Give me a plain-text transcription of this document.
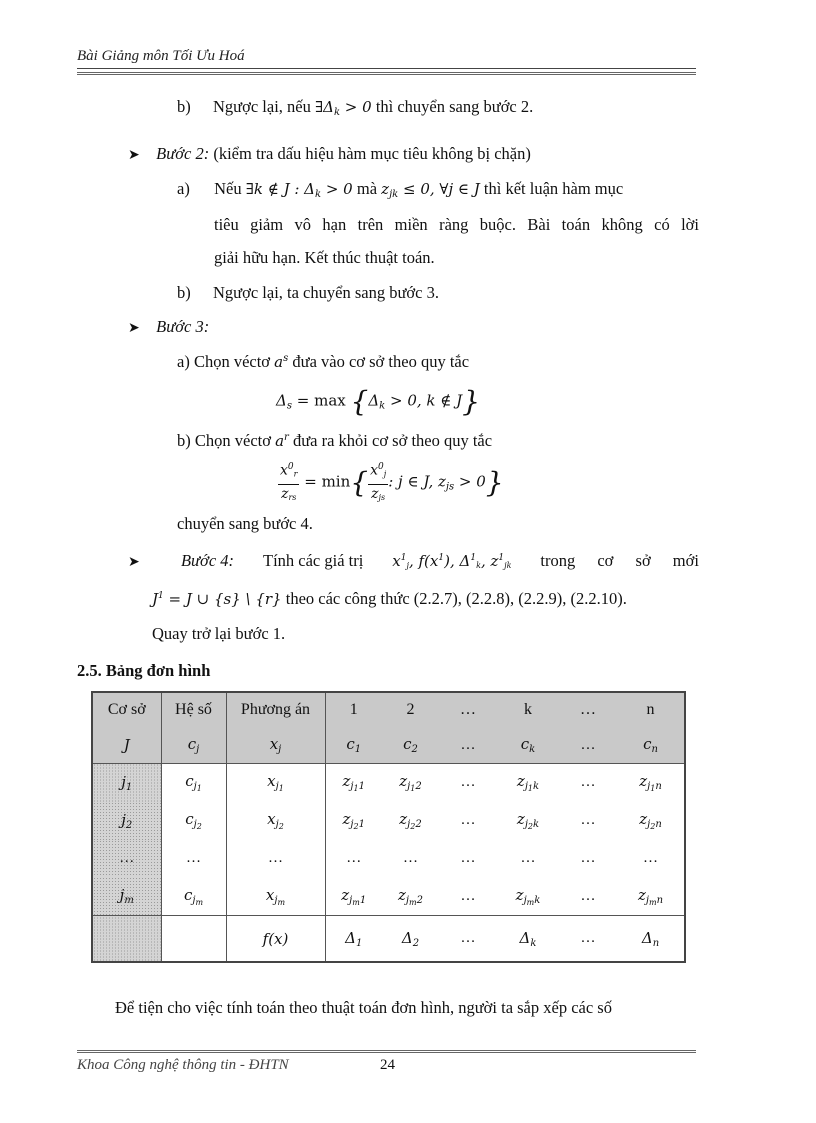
Bài Giảng môn Tối Ưu Hoá
b) Ngược lại, nếu $\exists\Delta_k > 0$ thì chuyển sang bước 2.
➤ Bước 2: (kiểm tra dấu hiệu hàm mục tiêu không bị chặn)
a) Nếu ∃k ∉ J : $\Delta_k > 0$ mà $z_{jk} \le 0$, ∀j ∈ J thì kết luận hàm mục
tiêu giảm vô hạn trên miền ràng buộc. Bài toán không có lời
giải hữu hạn. Kết thúc thuật toán.
b) Ngược lại, ta chuyển sang bước 3.
➤ Bước 3:
a) Chọn véctơ $a^s$ đưa vào cơ sở theo quy tắc
$\Delta_s = \max \{\Delta_k > 0$, k ∉ J}
b) Chọn véctơ $a^r$ đưa ra khỏi cơ sở theo quy tắc
$\frac{x^0_r}{z_{rs}} = \min\{ \frac{x^0_j}{z_{js}}$ : j ∈ J, $z_{js} > 0$}
chuyển sang bước 4.
➤	Bước 4: Tính các giá trị $x^1_j$, $f(x^1)$, $\Delta^1_k$, $z^1_{jk}$ trong cơ sở mới
$J^1 = J$ ∪ {s} \ {r} theo các công thức (2.2.7), (2.2.8), (2.2.9), (2.2.10).
Quay trở lại bước 1.
2.5. Bảng đơn hình
Cơ sở	Hệ số	Phương án	1	2	…	k	…	n
J	$c_j$	$x_j$	$c_1$	$c_2$	…	$c_k$	…	$c_n$
$j_1$	$c_{j_1}$	$x_{j_1}$	$z_{j_11}$	$z_{j_12}$	…	$z_{j_1k}$	…	$z_{j_1n}$
$j_2$	$c_{j_2}$	$x_{j_2}$	$z_{j_21}$	$z_{j_22}$	…	$z_{j_2k}$	…	$z_{j_2n}$
…	…	…	…	…	…	…	…	…
$j_m$	$c_{j_m}$	$x_{j_m}$	$z_{j_m1}$	$z_{j_m2}$	…	$z_{j_mk}$	…	$z_{j_mn}$
		f(x)	$\Delta_1$	$\Delta_2$	…	$\Delta_k$	…	$\Delta_n$
Để tiện cho việc tính toán theo thuật toán đơn hình, người ta sắp xếp các số
Khoa Công nghệ thông tin - ĐHTN	24
